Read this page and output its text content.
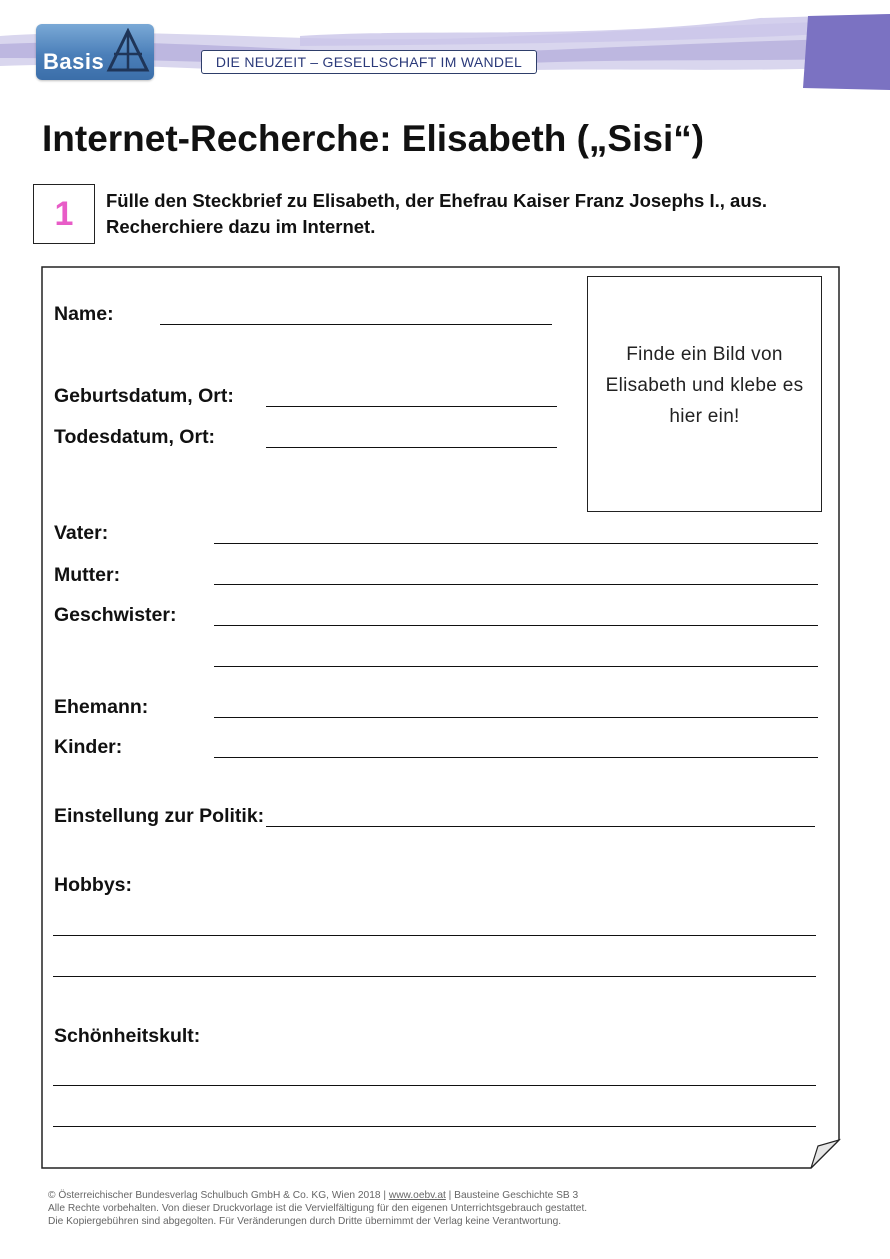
Basis	DIE NEUZEIT – GESELLSCHAFT IM WANDEL
Internet-Recherche: Elisabeth („Sisi“)
1	Fülle den Steckbrief zu Elisabeth, der Ehefrau Kaiser Franz Josephs I., aus.
Recherchiere dazu im Internet.
Finde ein Bild von
Elisabeth und klebe es
hier ein!
Name:
Geburtsdatum, Ort:
Todesdatum, Ort:
Vater:
Mutter:
Geschwister:
Ehemann:
Kinder:
Einstellung zur Politik:
Hobbys:
Schönheitskult:
© Österreichischer Bundesverlag Schulbuch GmbH & Co. KG, Wien 2018 | www.oebv.at | Bausteine Geschichte SB 3
Alle Rechte vorbehalten. Von dieser Druckvorlage ist die Vervielfältigung für den eigenen Unterrichtsgebrauch gestattet.
Die Kopiergebühren sind abgegolten. Für Veränderungen durch Dritte übernimmt der Verlag keine Verantwortung.
